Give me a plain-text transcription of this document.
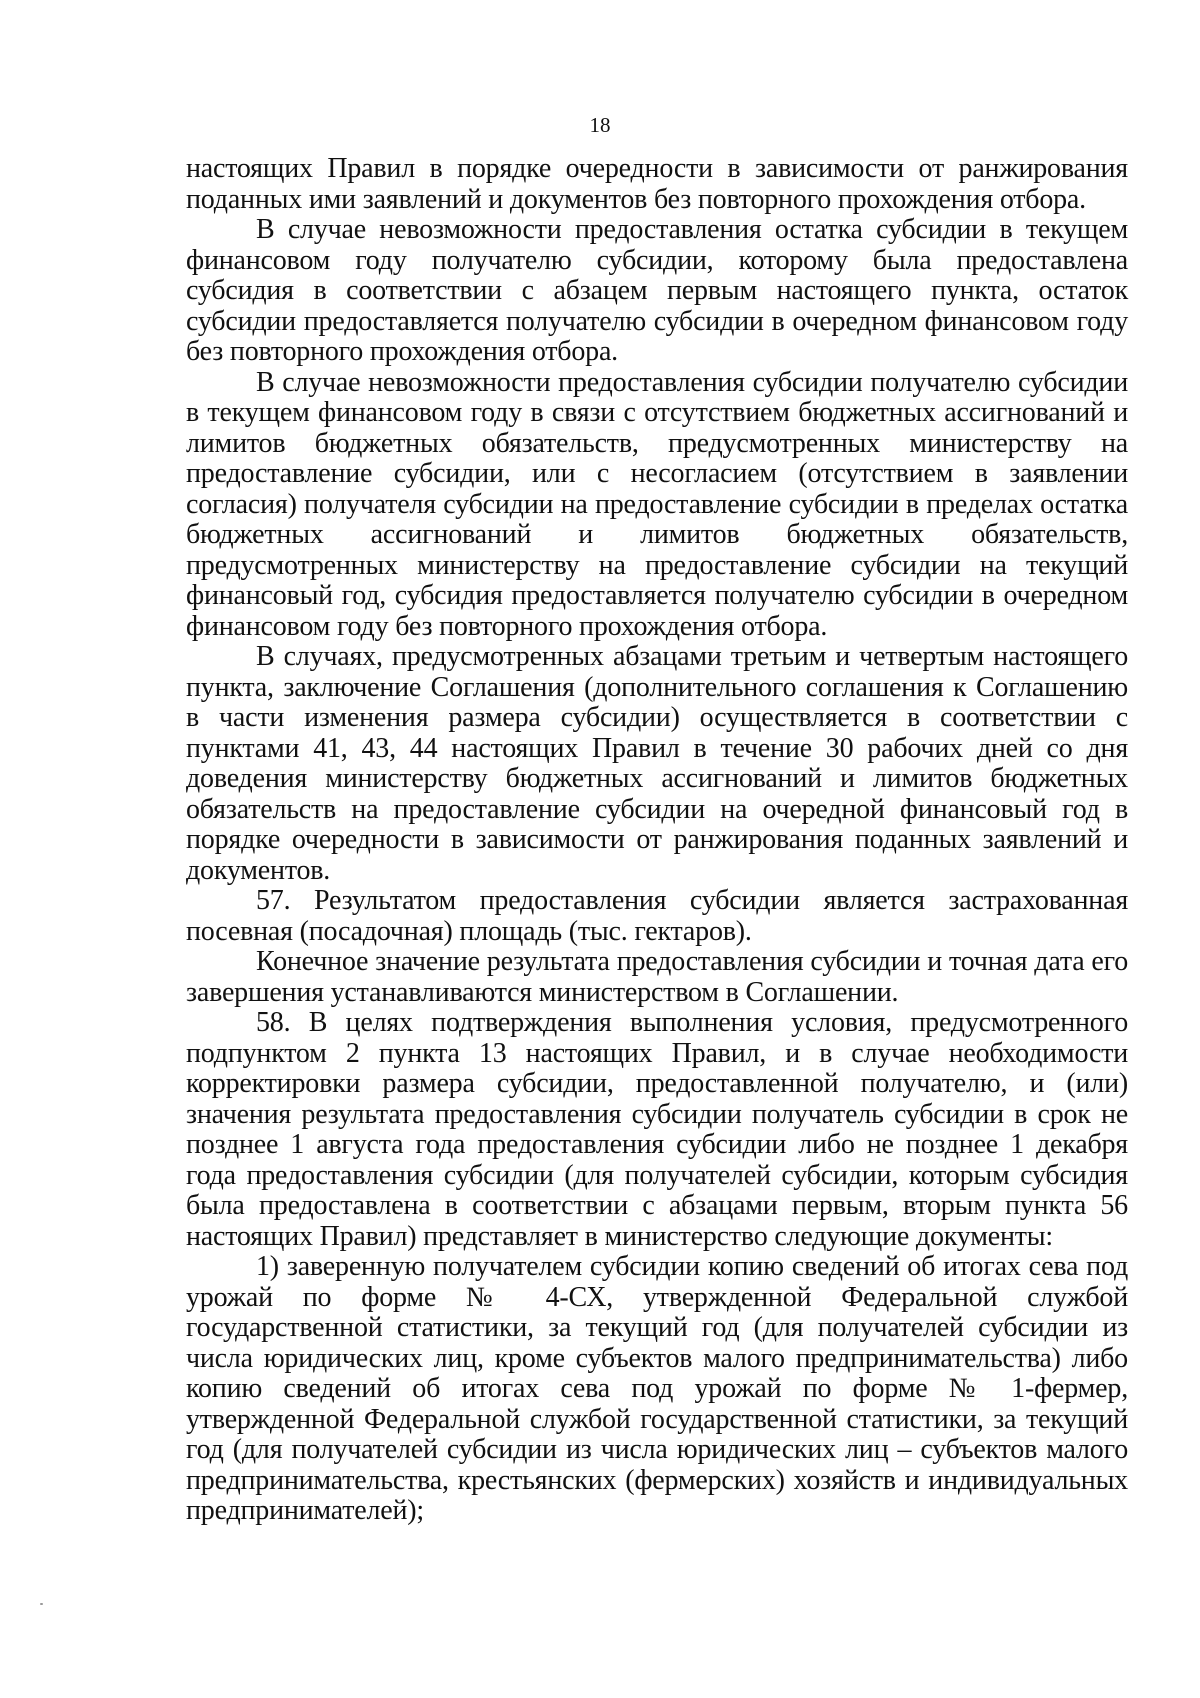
18

настоящих Правил в порядке очередности в зависимости от ранжирования поданных ими заявлений и документов без повторного прохождения отбора.

В случае невозможности предоставления остатка субсидии в текущем финансовом году получателю субсидии, которому была предоставлена субсидия в соответствии с абзацем первым настоящего пункта, остаток субсидии предоставляется получателю субсидии в очередном финансовом году без повторного прохождения отбора.

В случае невозможности предоставления субсидии получателю субсидии в текущем финансовом году в связи с отсутствием бюджетных ассигнований и лимитов бюджетных обязательств, предусмотренных министерству на предоставление субсидии, или с несогласием (отсутствием в заявлении согласия) получателя субсидии на предоставление субсидии в пределах остатка бюджетных ассигнований и лимитов бюджетных обязательств, предусмотренных министерству на предоставление субсидии на текущий финансовый год, субсидия предоставляется получателю субсидии в очередном финансовом году без повторного прохождения отбора.

В случаях, предусмотренных абзацами третьим и четвертым настоящего пункта, заключение Соглашения (дополнительного соглашения к Соглашению в части изменения размера субсидии) осуществляется в соответствии с пунктами 41, 43, 44 настоящих Правил в течение 30 рабочих дней со дня доведения министерству бюджетных ассигнований и лимитов бюджетных обязательств на предоставление субсидии на очередной финансовый год в порядке очередности в зависимости от ранжирования поданных заявлений и документов.

57. Результатом предоставления субсидии является застрахованная посевная (посадочная) площадь (тыс. гектаров).

Конечное значение результата предоставления субсидии и точная дата его завершения устанавливаются министерством в Соглашении.

58. В целях подтверждения выполнения условия, предусмотренного подпунктом 2 пункта 13 настоящих Правил, и в случае необходимости корректировки размера субсидии, предоставленной получателю, и (или) значения результата предоставления субсидии получатель субсидии в срок не позднее 1 августа года предоставления субсидии либо не позднее 1 декабря года предоставления субсидии (для получателей субсидии, которым субсидия была предоставлена в соответствии с абзацами первым, вторым пункта 56 настоящих Правил) представляет в министерство следующие документы:

1) заверенную получателем субсидии копию сведений об итогах сева под урожай по форме № 4-СХ, утвержденной Федеральной службой государственной статистики, за текущий год (для получателей субсидии из числа юридических лиц, кроме субъектов малого предпринимательства) либо копию сведений об итогах сева под урожай по форме № 1-фермер, утвержденной Федеральной службой государственной статистики, за текущий год (для получателей субсидии из числа юридических лиц – субъектов малого предпринимательства, крестьянских (фермерских) хозяйств и индивидуальных предпринимателей);
